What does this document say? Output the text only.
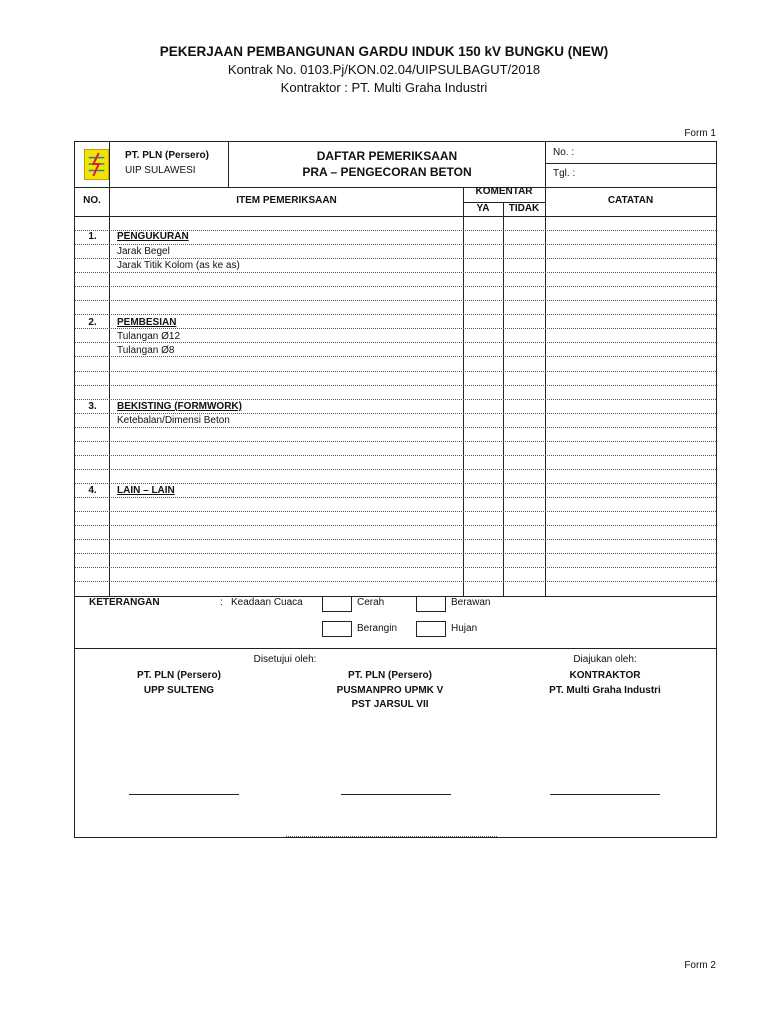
PEKERJAAN PEMBANGUNAN GARDU INDUK 150 kV BUNGKU (NEW)
Kontrak No. 0103.Pj/KON.02.04/UIPSULBAGUT/2018
Kontraktor : PT. Multi Graha Industri
Form 1
PT. PLN (Persero)
UIP SULAWESI
DAFTAR PEMERIKSAAN
PRA – PENGECORAN BETON
No. :
Tgl. :
NO.	ITEM PEMERIKSAAN
KOMENTAR
YA	TIDAK
CATATAN
1.	PENGUKURAN
Jarak Begel
Jarak Titik Kolom (as ke as)
2.	PEMBESIAN
Tulangan Ø12
Tulangan Ø8
3.	BEKISTING (FORMWORK)
Ketebalan/Dimensi Beton
4.	LAIN – LAIN
KETERANGAN	: Keadaan Cuaca	Cerah	Berawan
Berangin	Hujan
Disetujui oleh:	Diajukan oleh:
PT. PLN (Persero)
UPP SULTENG
PT. PLN (Persero)
PUSMANPRO UPMK V
PST JARSUL VII
KONTRAKTOR
PT. Multi Graha Industri
Form 2
